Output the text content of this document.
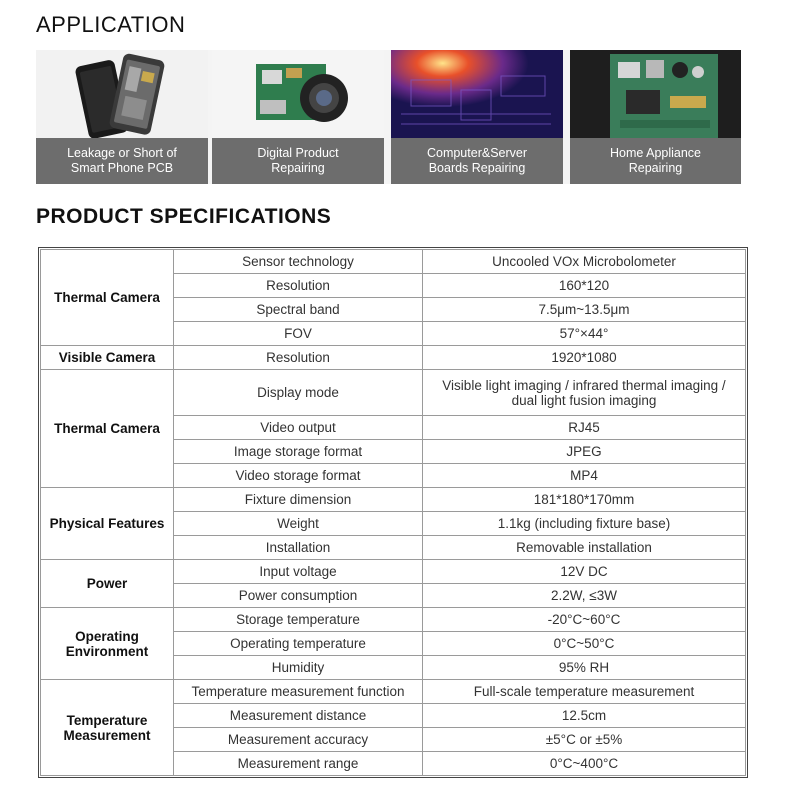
APPLICATION
Leakage or Short of
Smart Phone PCB
Digital Product
Repairing
Computer&Server
Boards Repairing
Home Appliance
Repairing
PRODUCT SPECIFICATIONS
Thermal Camera	Sensor technology	Uncooled VOx Microbolometer
	Resolution	160*120
	Spectral band	7.5μm~13.5μm
	FOV	57°×44°
Visible Camera	Resolution	1920*1080
Thermal Camera	Display mode	Visible light imaging / infrared thermal imaging / dual light fusion imaging
	Video output	RJ45
	Image storage format	JPEG
	Video storage format	MP4
Physical Features	Fixture dimension	181*180*170mm
	Weight	1.1kg (including fixture base)
	Installation	Removable installation
Power	Input voltage	12V DC
	Power consumption	2.2W, ≤3W
Operating Environment	Storage temperature	-20°C~60°C
	Operating temperature	0°C~50°C
	Humidity	95% RH
Temperature Measurement	Temperature measurement function	Full-scale temperature measurement
	Measurement distance	12.5cm
	Measurement accuracy	±5°C or ±5%
	Measurement range	0°C~400°C
